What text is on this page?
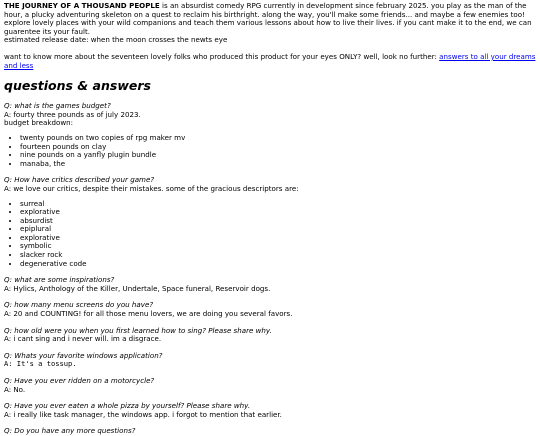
THE JOURNEY OF A THOUSAND PEOPLE is an absurdist comedy RPG currently in development since february 2025. you play as the man of the hour, a plucky adventuring skeleton on a quest to reclaim his birthright. along the way, you'll make some friends... and maybe a few enemies too! explore lovely places with your wild companions and teach them various lessons about how to live their lives. if you cant make it to the end, we can guarentee its your fault.
estimated release date: when the moon crosses the newts eye

want to know more about the seventeen lovely folks who produced this product for your eyes ONLY? well, look no further: answers to all your dreams and less

questions & answers

Q: what is the games budget?

A: fourty three pounds as of july 2023.

budget breakdown:

• twenty pounds on two copies of rpg maker mv
• fourteen pounds on clay
• nine pounds on a yanfly plugin bundle
• manaba, the

Q: How have critics described your game?

A: we love our critics, despite their mistakes. some of the gracious descriptors are:

• surreal
• explorative
• absurdist
• epiplural
• explorative
• symbolic
• slacker rock
• degenerative code

Q: what are some inspirations?

A: Hylics, Anthology of the Killer, Undertale, Space funeral, Reservoir dogs.

Q: how many menu screens do you have?

A: 20 and COUNTING! for all those menu lovers, we are doing you several favors.

Q: how old were you when you first learned how to sing? Please share why.

A: i cant sing and i never will. im a disgrace.

Q: Whats your favorite windows application?

A: It's a tossup.

Q: Have you ever ridden on a motorcycle?

A: No.

Q: Have you ever eaten a whole pizza by yourself? Please share why.

A: i really like task manager, the windows app. i forgot to mention that earlier.

Q: Do you have any more questions?
